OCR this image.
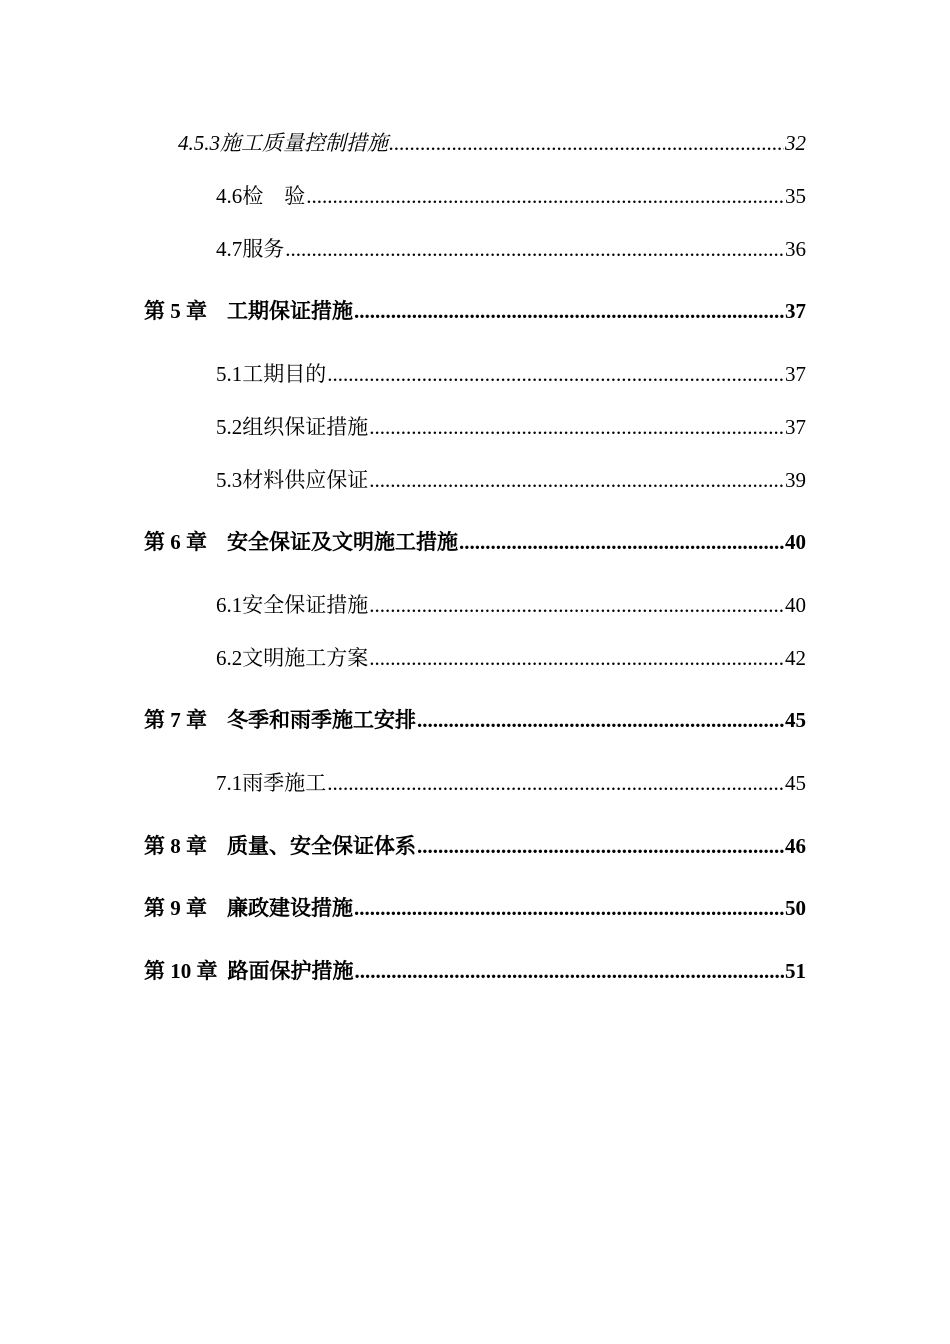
4.5.3 施工质量控制措施 .....	32
4.6 检　验 .....	35
4.7 服务 .....	36
第 5 章 工期保证措施 .....	37
5.1 工期目的 .....	37
5.2 组织保证措施 .....	37
5.3 材料供应保证 .....	39
第 6 章 安全保证及文明施工措施 .....	40
6.1 安全保证措施 .....	40
6.2 文明施工方案 .....	42
第 7 章 冬季和雨季施工安排 .....	45
7.1 雨季施工 .....	45
第 8 章 质量、安全保证体系 .....	46
第 9 章 廉政建设措施 .....	50
第 10 章 路面保护措施 .....	51
